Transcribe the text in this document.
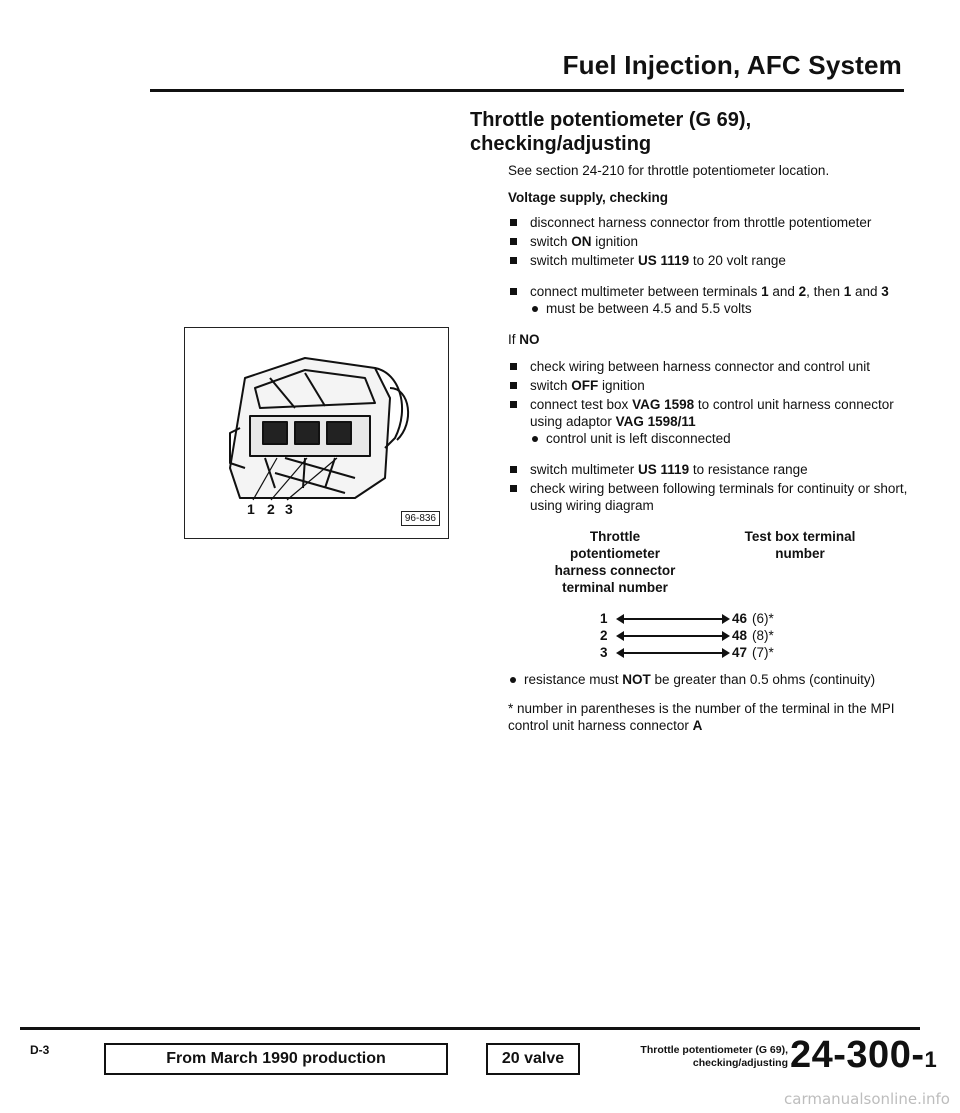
Fuel Injection, AFC System
Throttle potentiometer (G 69),
checking/adjusting

See section 24-210 for throttle potentiometer location.

Voltage supply, checking
disconnect harness connector from throttle potentiometer
switch ON ignition
switch multimeter US 1119 to 20 volt range
connect multimeter between terminals 1 and 2, then 1 and 3
must be between 4.5 and 5.5 volts
If NO
check wiring between harness connector and control unit
switch OFF ignition
connect test box VAG 1598 to control unit harness connector using adaptor VAG 1598/11
control unit is left disconnected
switch multimeter US 1119 to resistance range
check wiring between following terminals for continuity or short, using wiring diagram
Throttle
potentiometer
harness connector
terminal number
Test box terminal
number
1	46 (6)*
2	48 (8)*
3	47 (7)*
resistance must NOT be greater than 0.5 ohms (continuity)
* number in parentheses is the number of the terminal in the MPI control unit harness connector A
1 2 3
96-836
D-3	From March 1990 production	20 valve	Throttle potentiometer (G 69),
checking/adjusting 24-300-1
carmanualsonline.info
